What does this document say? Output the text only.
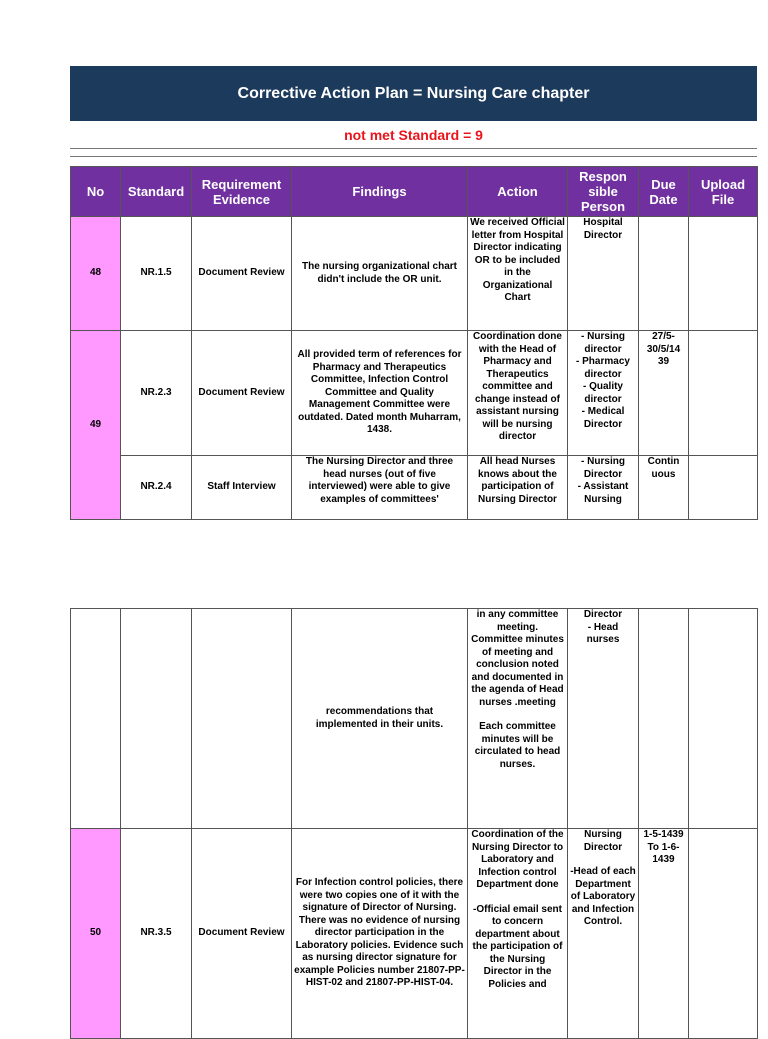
Corrective Action Plan = Nursing Care chapter
not met Standard = 9
No	Standard	Requirement Evidence	Findings	Action	Respon sible Person	Due Date	Upload File
48	NR.1.5	Document Review	The nursing organizational chart didn't include the OR unit.	We received Official letter from Hospital Director indicating OR to be included in the Organizational Chart	Hospital Director		
49	NR.2.3	Document Review	All provided term of references for Pharmacy and Therapeutics Committee, Infection Control Committee and Quality Management Committee were outdated. Dated month Muharram, 1438.	Coordination done with the Head of Pharmacy and Therapeutics committee and change instead of assistant nursing will be nursing director	- Nursing director
- Pharmacy director
- Quality director
- Medical Director	27/5-30/5/14 39	
	NR.2.4	Staff Interview	The Nursing Director and three head nurses (out of five interviewed) were able to give examples of committees'	All head Nurses knows about the participation of Nursing Director	- Nursing Director
- Assistant Nursing	Contin uous	
			recommendations that implemented in their units.	in any committee meeting. Committee minutes of meeting and conclusion noted and documented in the agenda of Head nurses .meeting
Each committee minutes will be circulated to head nurses.	Director
- Head nurses		
50	NR.3.5	Document Review	For Infection control policies, there were two copies one of it with the signature of Director of Nursing. There was no evidence of nursing director participation in the Laboratory policies. Evidence such as nursing director signature for example Policies number 21807-PP-HIST-02 and 21807-PP-HIST-04.	Coordination of the Nursing Director to Laboratory and Infection control Department done
-Official email sent to concern department about the participation of the Nursing Director in the Policies and	Nursing Director
-Head of each Department of Laboratory and Infection Control.	1-5-1439 To 1-6-1439	
